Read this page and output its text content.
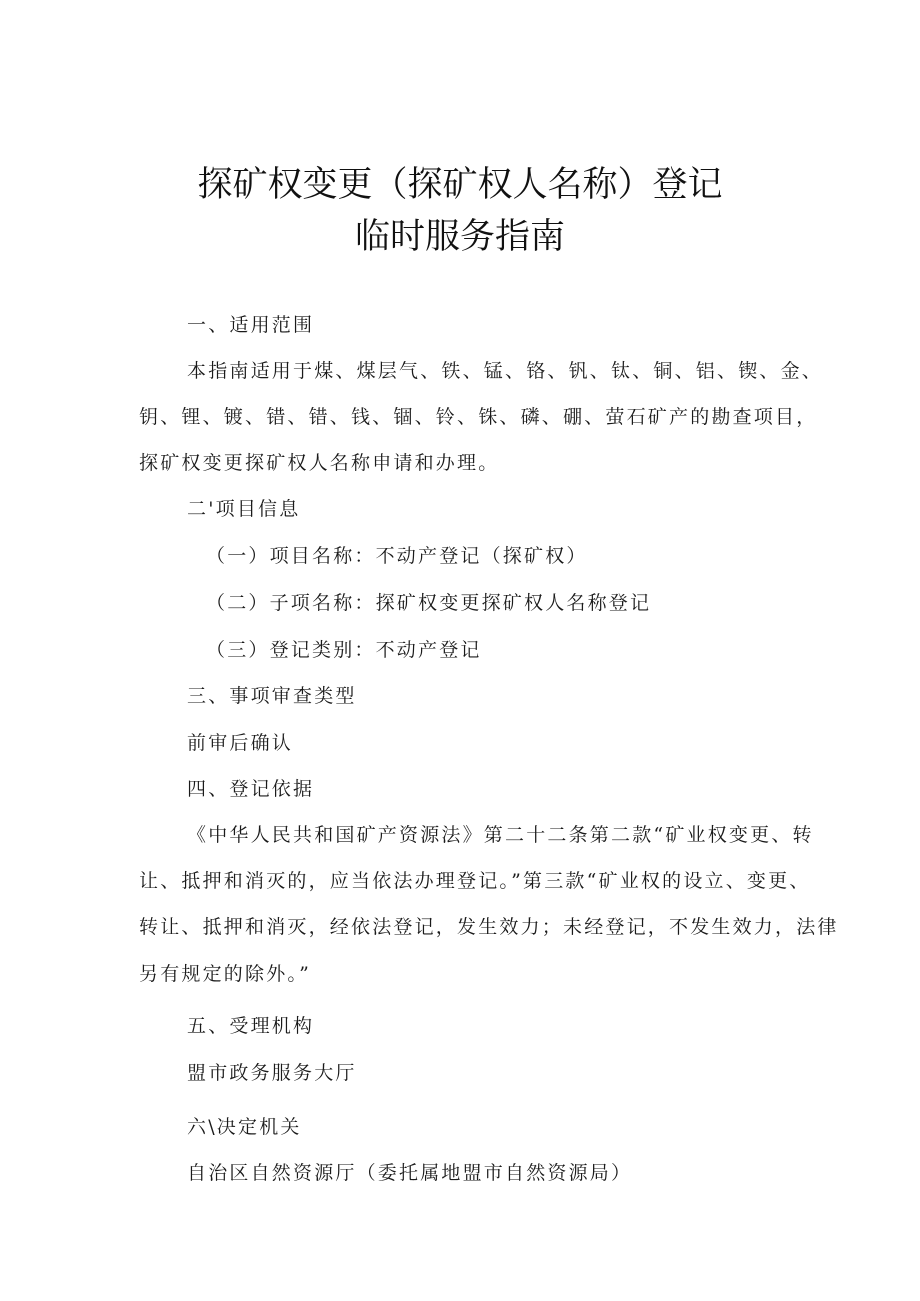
探矿权变更（探矿权人名称）登记
临时服务指南
一、适用范围
本指南适用于煤、煤层气、铁、锰、铬、钒、钛、铜、铝、锲、金、
钥、锂、镀、错、错、钱、锢、铃、铢、磷、硼、萤石矿产的勘查项目，
探矿权变更探矿权人名称申请和办理。
二'项目信息
（一）项目名称：不动产登记（探矿权）
（二）子项名称：探矿权变更探矿权人名称登记
（三）登记类别：不动产登记
三、事项审查类型
前审后确认
四、登记依据
《中华人民共和国矿产资源法》第二十二条第二款“矿业权变更、转
让、抵押和消灭的，应当依法办理登记。”第三款“矿业权的设立、变更、
转让、抵押和消灭，经依法登记，发生效力；未经登记，不发生效力，法律
另有规定的除外。”
五、受理机构
盟市政务服务大厅
六\决定机关
自治区自然资源厅（委托属地盟市自然资源局）
